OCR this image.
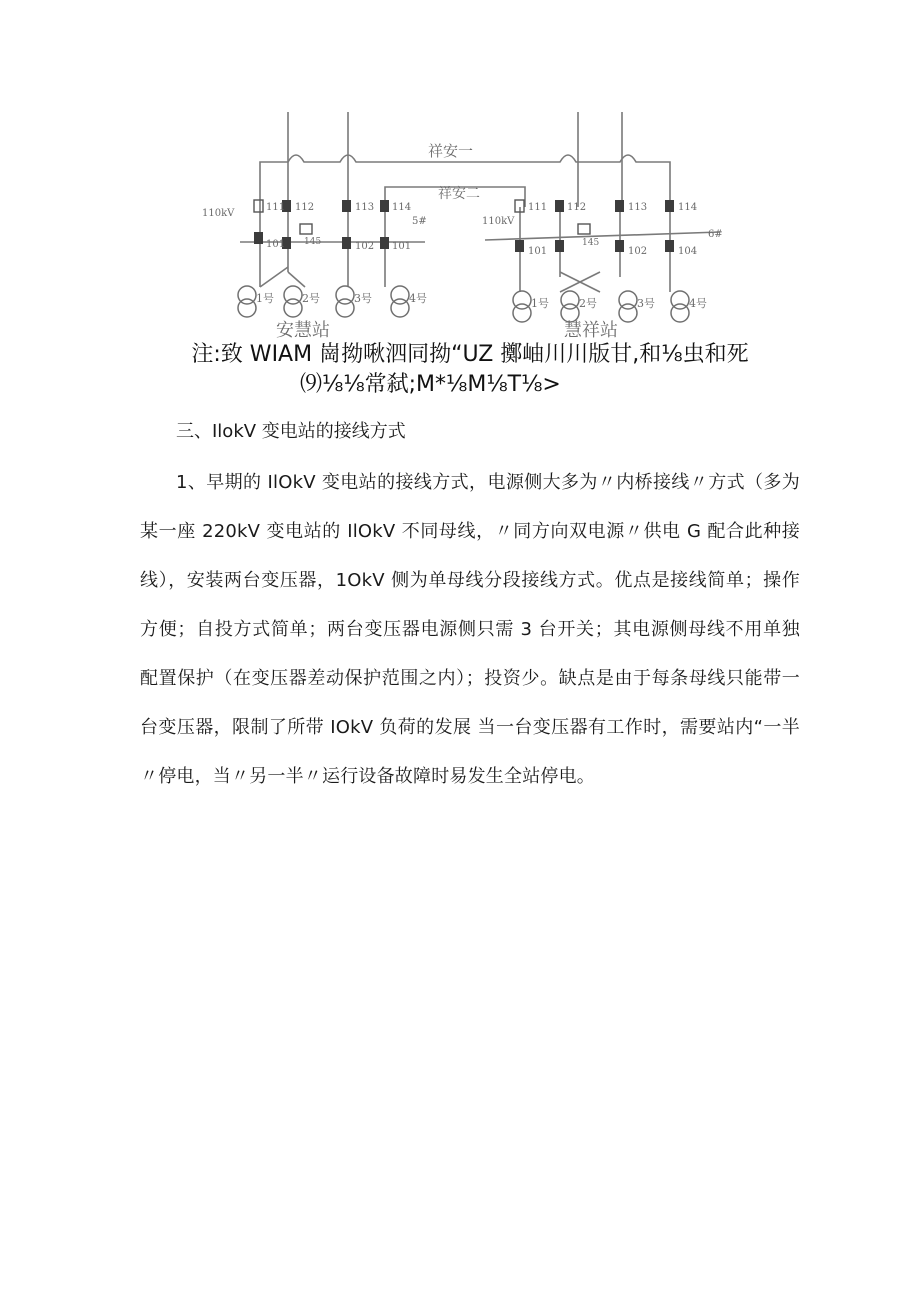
祥安一
祥安二
110kV
110kV
111 112	113 114
101 145	102 101
5#
111 112	113	114
101
145
102	104
6#
1号	2号	3号	4号	1号	2号	3号	4号
安慧站	慧祥站
注:致 WIAM 崗拗啾泗同拗“UZ 擲岫川川版甘,和⅛虫和死
⑼⅛⅛常弑;M*⅛M⅛T⅛>
三、IlokV 变电站的接线方式
1、早期的 IlOkV 变电站的接线方式，电源侧大多为〃内桥接线〃方式（多为某一座 220kV 变电站的 IlOkV 不同母线，〃同方向双电源〃供电 G 配合此种接线），安装两台变压器，1OkV 侧为单母线分段接线方式。优点是接线简单；操作方便；自投方式简单；两台变压器电源侧只需 3 台开关；其电源侧母线不用单独配置保护（在变压器差动保护范围之内）；投资少。缺点是由于每条母线只能带一台变压器，限制了所带 IOkV 负荷的发展 当一台变压器有工作时，需要站内“一半〃停电，当〃另一半〃运行设备故障时易发生全站停电。
